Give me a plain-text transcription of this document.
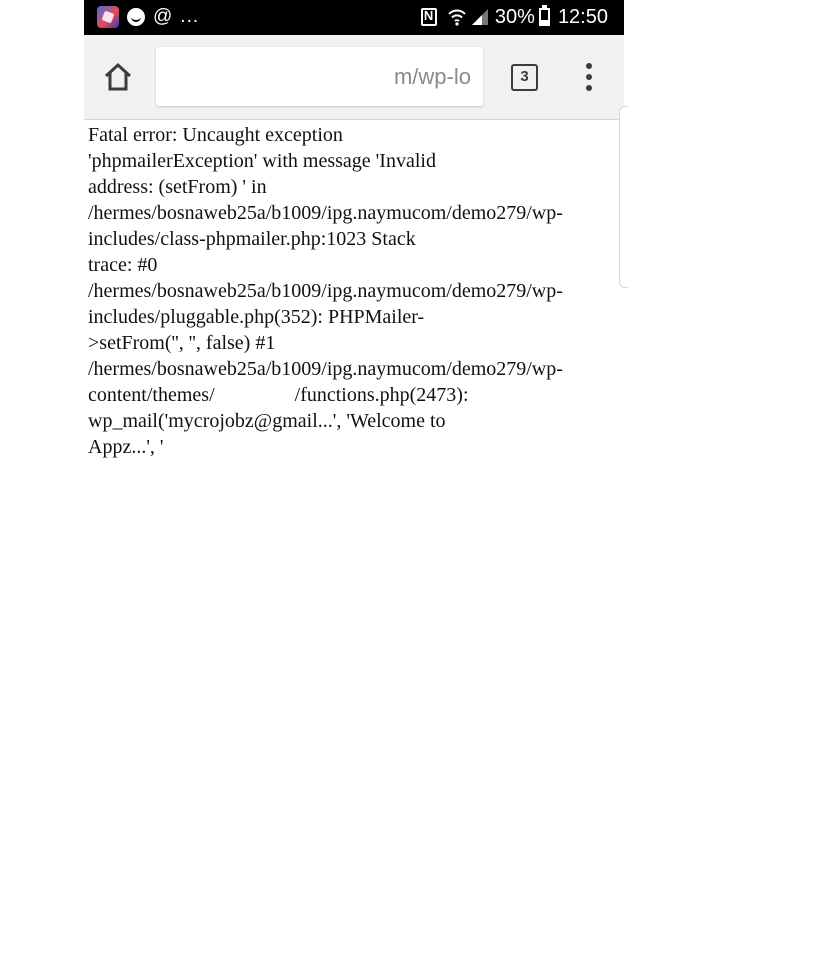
@ ...
N	30% 12:50
m/wp-lo	3
Fatal error: Uncaught exception
'phpmailerException' with message 'Invalid
address: (setFrom) ' in
/hermes/bosnaweb25a/b1009/ipg.naymucom/demo279/wp-
includes/class-phpmailer.php:1023 Stack
trace: #0
/hermes/bosnaweb25a/b1009/ipg.naymucom/demo279/wp-
includes/pluggable.php(352): PHPMailer-
>setFrom('', '', false) #1
/hermes/bosnaweb25a/b1009/ipg.naymucom/demo279/wp-
content/themes/                /functions.php(2473):
wp_mail('mycrojobz@gmail...', 'Welcome to
Appz...', '
